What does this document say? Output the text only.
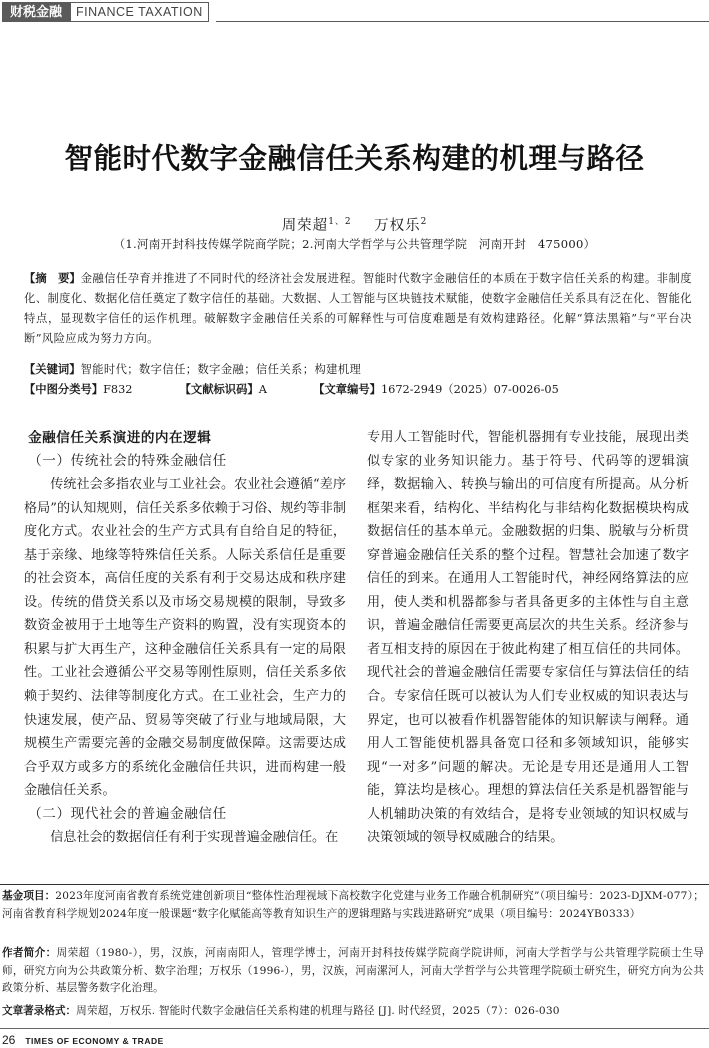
财税金融	FINANCE TAXATION
智能时代数字金融信任关系构建的机理与路径
周荣超$^{1、2}$ 万权乐$^2$
（1.河南开封科技传媒学院商学院；2.河南大学哲学与公共管理学院　河南开封　475000）
【摘　要】金融信任孕育并推进了不同时代的经济社会发展进程。智能时代数字金融信任的本质在于数字信任关系的构建。非制度化、制度化、数据化信任奠定了数字信任的基础。大数据、人工智能与区块链技术赋能，使数字金融信任关系具有泛在化、智能化特点，显现数字信任的运作机理。破解数字金融信任关系的可解释性与可信度难题是有效构建路径。化解“算法黑箱”与“平台决断”风险应成为努力方向。
【关键词】智能时代；数字信任；数字金融；信任关系；构建机理
【中图分类号】F832	【文献标识码】A	【文章编号】1672-2949（2025）07-0026-05

金融信任关系演进的内在逻辑

（一）传统社会的特殊金融信任

传统社会多指农业与工业社会。农业社会遵循“差序格局”的认知规则，信任关系多依赖于习俗、规约等非制度化方式。农业社会的生产方式具有自给自足的特征，基于亲缘、地缘等特殊信任关系。人际关系信任是重要的社会资本，高信任度的关系有利于交易达成和秩序建设。传统的借贷关系以及市场交易规模的限制，导致多数资金被用于土地等生产资料的购置，没有实现资本的积累与扩大再生产，这种金融信任关系具有一定的局限性。工业社会遵循公平交易等刚性原则，信任关系多依赖于契约、法律等制度化方式。在工业社会，生产力的快速发展，使产品、贸易等突破了行业与地域局限，大规模生产需要完善的金融交易制度做保障。这需要达成合乎双方或多方的系统化金融信任共识，进而构建一般金融信任关系。

（二）现代社会的普遍金融信任

信息社会的数据信任有利于实现普遍金融信任。在

专用人工智能时代，智能机器拥有专业技能，展现出类似专家的业务知识能力。基于符号、代码等的逻辑演绎，数据输入、转换与输出的可信度有所提高。从分析框架来看，结构化、半结构化与非结构化数据模块构成数据信任的基本单元。金融数据的归集、脱敏与分析贯穿普遍金融信任关系的整个过程。智慧社会加速了数字信任的到来。在通用人工智能时代，神经网络算法的应用，使人类和机器都参与者具备更多的主体性与自主意识，普遍金融信任需要更高层次的共生关系。经济参与者互相支持的原因在于彼此构建了相互信任的共同体。现代社会的普遍金融信任需要专家信任与算法信任的结合。专家信任既可以被认为人们专业权威的知识表达与界定，也可以被看作机器智能体的知识解读与阐释。通用人工智能使机器具备宽口径和多领域知识，能够实现“一对多”问题的解决。无论是专用还是通用人工智能，算法均是核心。理想的算法信任关系是机器智能与人机辅助决策的有效结合，是将专业领域的知识权威与决策领域的领导权威融合的结果。

基金项目：2023年度河南省教育系统党建创新项目“整体性治理视域下高校数字化党建与业务工作融合机制研究”（项目编号：2023-DJXM-077）；河南省教育科学规划2024年度一般课题“数字化赋能高等教育知识生产的逻辑理路与实践进路研究”成果（项目编号：2024YB0333）
作者简介：周荣超（1980-），男，汉族，河南南阳人，管理学博士，河南开封科技传媒学院商学院讲师，河南大学哲学与公共管理学院硕士生导师，研究方向为公共政策分析、数字治理；万权乐（1996-），男，汉族，河南漯河人，河南大学哲学与公共管理学院硕士研究生，研究方向为公共政策分析、基层警务数字化治理。
文章著录格式：周荣超，万权乐. 智能时代数字金融信任关系构建的机理与路径 [J]. 时代经贸，2025（7）：026-030
26 TIMES OF ECONOMY & TRADE
